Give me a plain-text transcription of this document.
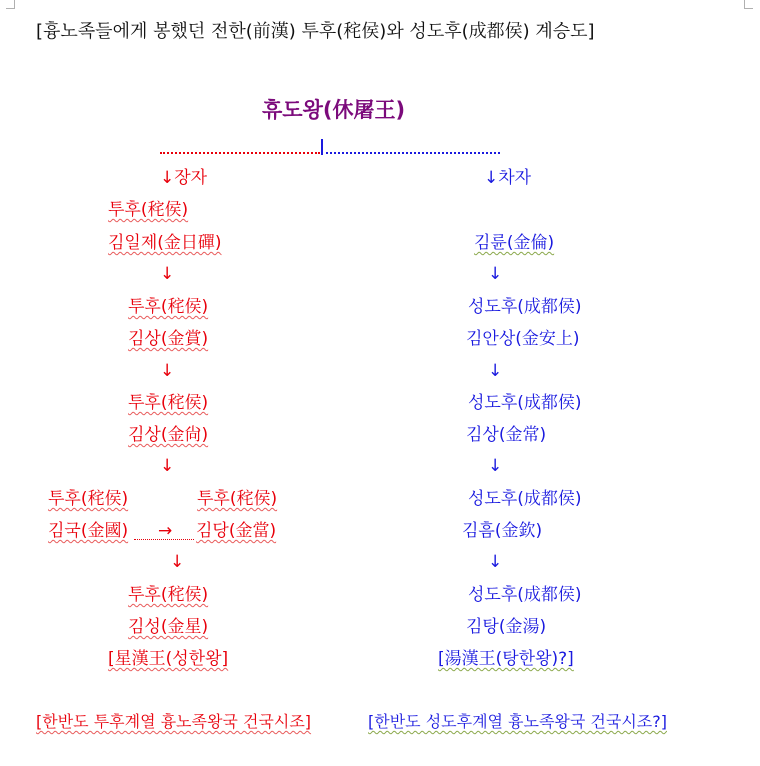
[흉노족들에게 봉했던 전한(前漢) 투후(秺侯)와 성도후(成都侯) 계승도]
휴도왕(休屠王)
↓장자
투후(秺侯)
김일제(金日磾)
↓
투후(秺侯)
김상(金賞)
↓
투후(秺侯)
김상(金尙)
↓
투후(秺侯)	투후(秺侯)
김국(金國) → 김당(金當)
↓
투후(秺侯)
김성(金星)
[星漢王(성한왕]
↓차자
김륜(金倫)
↓
성도후(成都侯)
김안상(金安上)
↓
성도후(成都侯)
김상(金常)
↓
성도후(成都侯)
김흠(金欽)
↓
성도후(成都侯)
김탕(金湯)
[湯漢王(탕한왕)?]
[한반도 투후계열 흉노족왕국 건국시조]	[한반도 성도후계열 흉노족왕국 건국시조?]
